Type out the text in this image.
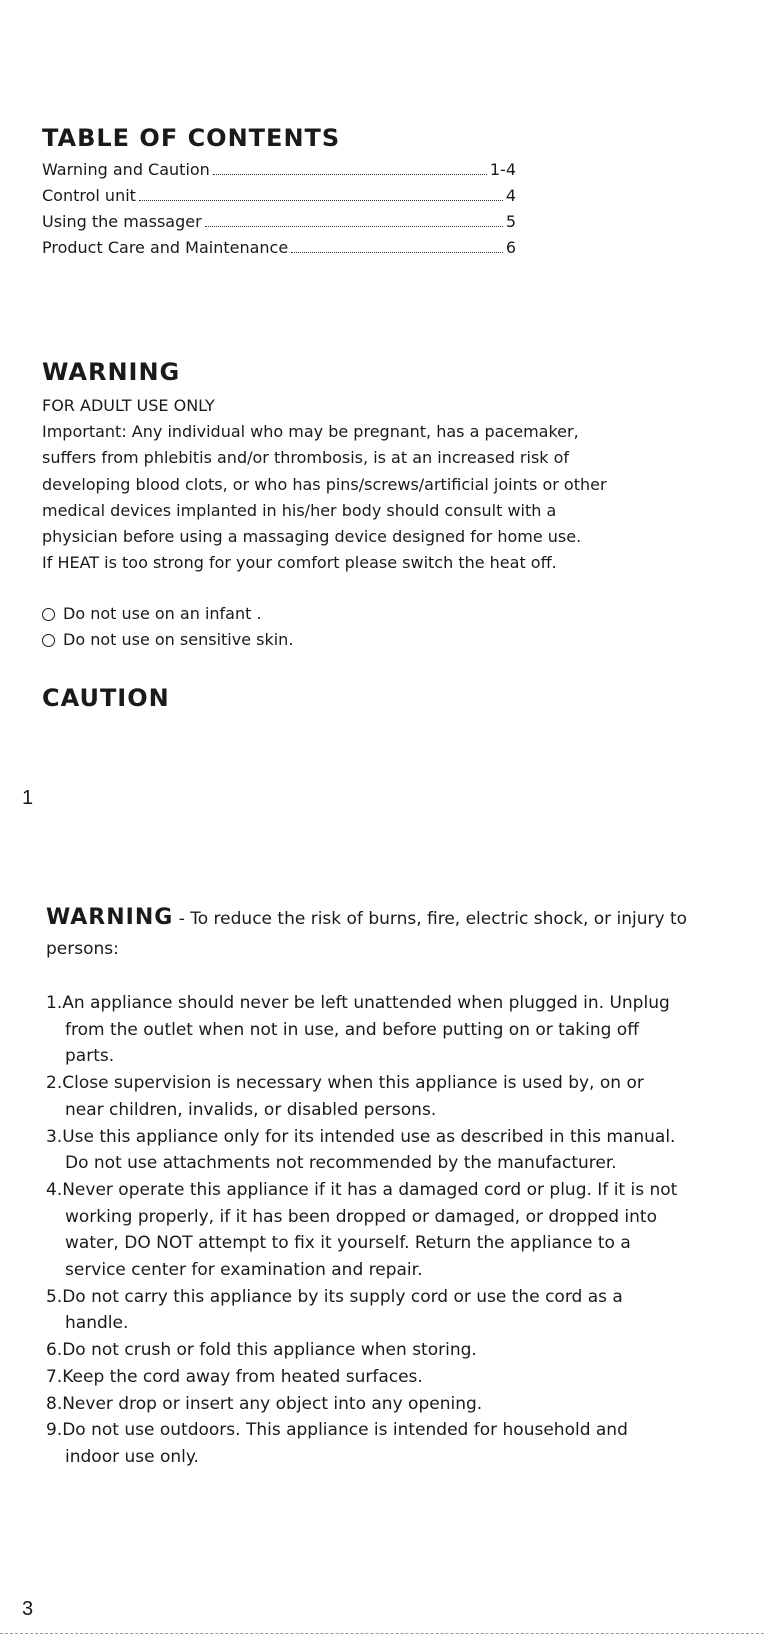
TABLE OF CONTENTS
Warning and Caution	1-4
Control unit	4
Using the massager	5
Product Care and Maintenance	6
WARNING

FOR ADULT USE ONLY
Important: Any individual who may be pregnant, has a pacemaker,
suffers from phlebitis and/or thrombosis, is at an increased risk of
developing blood clots, or who has pins/screws/artificial joints or other
medical devices implanted in his/her body should consult with a
physician before using a massaging device designed for home use.
If HEAT is too strong for your comfort please switch the heat off.

Do not use on an infant .
Do not use on sensitive skin.
CAUTION

1

WARNING - To reduce the risk of burns, fire, electric shock, or injury to
persons:
1.An appliance should never be left unattended when plugged in. Unplug
from the outlet when not in use, and before putting on or taking off
parts.
2.Close supervision is necessary when this appliance is used by, on or
near children, invalids, or disabled persons.
3.Use this appliance only for its intended use as described in this manual.
Do not use attachments not recommended by the manufacturer.
4.Never operate this appliance if it has a damaged cord or plug. If it is not
working properly, if it has been dropped or damaged, or dropped into
water, DO NOT attempt to fix it yourself. Return the appliance to a
service center for examination and repair.
5.Do not carry this appliance by its supply cord or use the cord as a
handle.
6.Do not crush or fold this appliance when storing.
7.Keep the cord away from heated surfaces.
8.Never drop or insert any object into any opening.
9.Do not use outdoors. This appliance is intended for household and
indoor use only.

3
